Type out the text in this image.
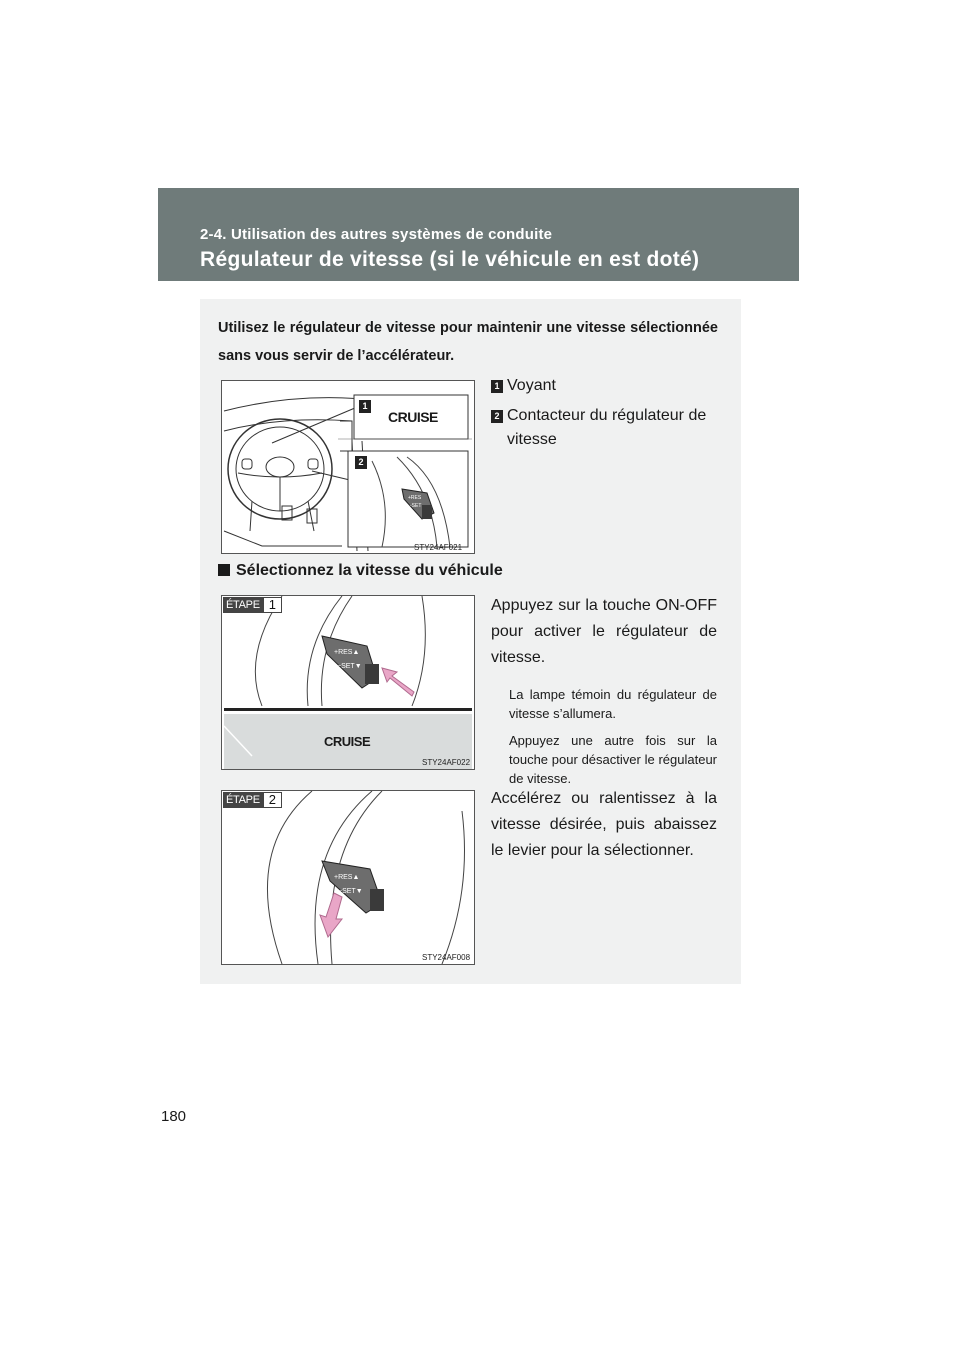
2-4. Utilisation des autres systèmes de conduite
Régulateur de vitesse (si le véhicule en est doté)
Utilisez le régulateur de vitesse pour maintenir une vitesse sélectionnée sans vous servir de l’accélérateur.
+RES
-SET
1
2
CRUISE
STY24AF021
1 Voyant
2 Contacteur du régulateur de vitesse
Sélectionnez la vitesse du véhicule
+RES▲
−SET▼
ÉTAPE 1
CRUISE
STY24AF022
Appuyez sur la touche ON-OFF pour activer le régulateur de vitesse.
La lampe témoin du régulateur de vitesse s’allumera.
Appuyez une autre fois sur la touche pour désactiver le régulateur de vitesse.
+RES▲
−SET▼
ÉTAPE 2
STY24AF008
Accélérez ou ralentissez à la vitesse désirée, puis abaissez le levier pour la sélectionner.
180
